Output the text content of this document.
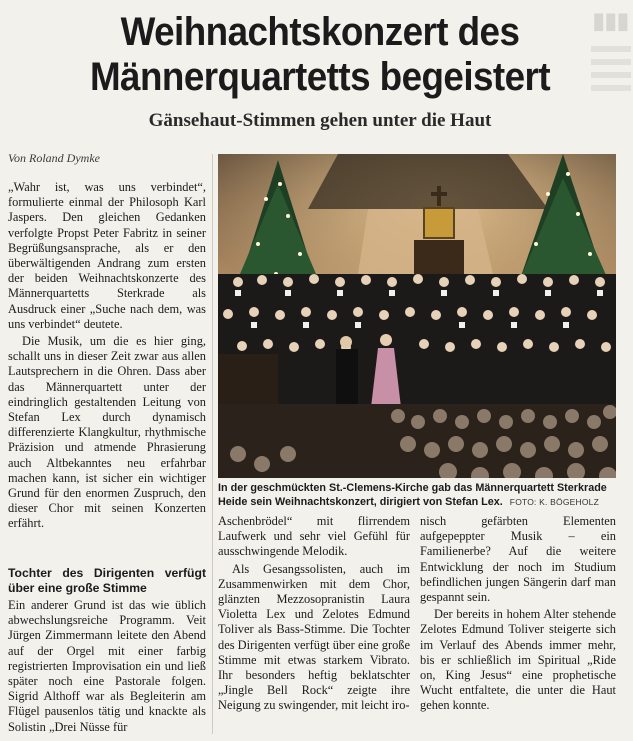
▮▮▮
Weihnachtskonzert des
Männerquartetts begeistert
Gänsehaut-Stimmen gehen unter die Haut
Von Roland Dymke

„Wahr ist, was uns verbindet“, formulierte einmal der Philosoph Karl Jaspers. Den gleichen Gedanken verfolgte Propst Peter Fabritz in seiner Begrüßungsansprache, als er den überwältigenden Andrang zum ersten der beiden Weihnachtskonzerte des Männerquartetts Sterkrade als Ausdruck einer „Suche nach dem, was uns verbindet“ deutete.

Die Musik, um die es hier ging, schallt uns in dieser Zeit zwar aus allen Lautsprechern in die Ohren. Dass aber das Männerquartett unter der eindringlich gestaltenden Leitung von Stefan Lex durch dynamisch differenzierte Klangkultur, rhythmische Präzision und atmende Phrasierung auch Altbekanntes neu erfahrbar machen kann, ist sicher ein wichtiger Grund für den enormen Zuspruch, den dieser Chor mit seinen Konzerten erfährt.

Tochter des Dirigenten verfügt über eine große Stimme

Ein anderer Grund ist das wie üblich abwechslungsreiche Programm. Veit Jürgen Zimmermann leitete den Abend auf der Orgel mit einer farbig registrierten Improvisation ein und ließ später noch eine Pastorale folgen. Sigrid Althoff war als Begleiterin am Flügel pausenlos tätig und knackte als Solistin „Drei Nüsse für

In der geschmückten St.-Clemens-Kirche gab das Männerquartett Sterkrade Heide sein Weihnachtskonzert, dirigiert von Stefan Lex. FOTO: K. BÖGEHOLZ

Aschenbrödel“ mit flirrendem Laufwerk und sehr viel Gefühl für ausschwingende Melodik.

Als Gesangssolisten, auch im Zusammenwirken mit dem Chor, glänzten Mezzosopranistin Laura Violetta Lex und Zelotes Edmund Toliver als Bass-Stimme. Die Tochter des Dirigenten verfügt über eine große Stimme mit etwas starkem Vibrato. Ihr besonders heftig beklatschter „Jingle Bell Rock“ zeigte ihre Neigung zu swingender, mit leicht iro-

nisch gefärbten Elementen aufgepeppter Musik – ein Familienerbe? Auf die weitere Entwicklung der noch im Studium befindlichen jungen Sängerin darf man gespannt sein.

Der bereits in hohem Alter stehende Zelotes Edmund Toliver steigerte sich im Verlauf des Abends immer mehr, bis er schließlich im Spiritual „Ride on, King Jesus“ eine prophetische Wucht entfaltete, die unter die Haut gehen konnte.
